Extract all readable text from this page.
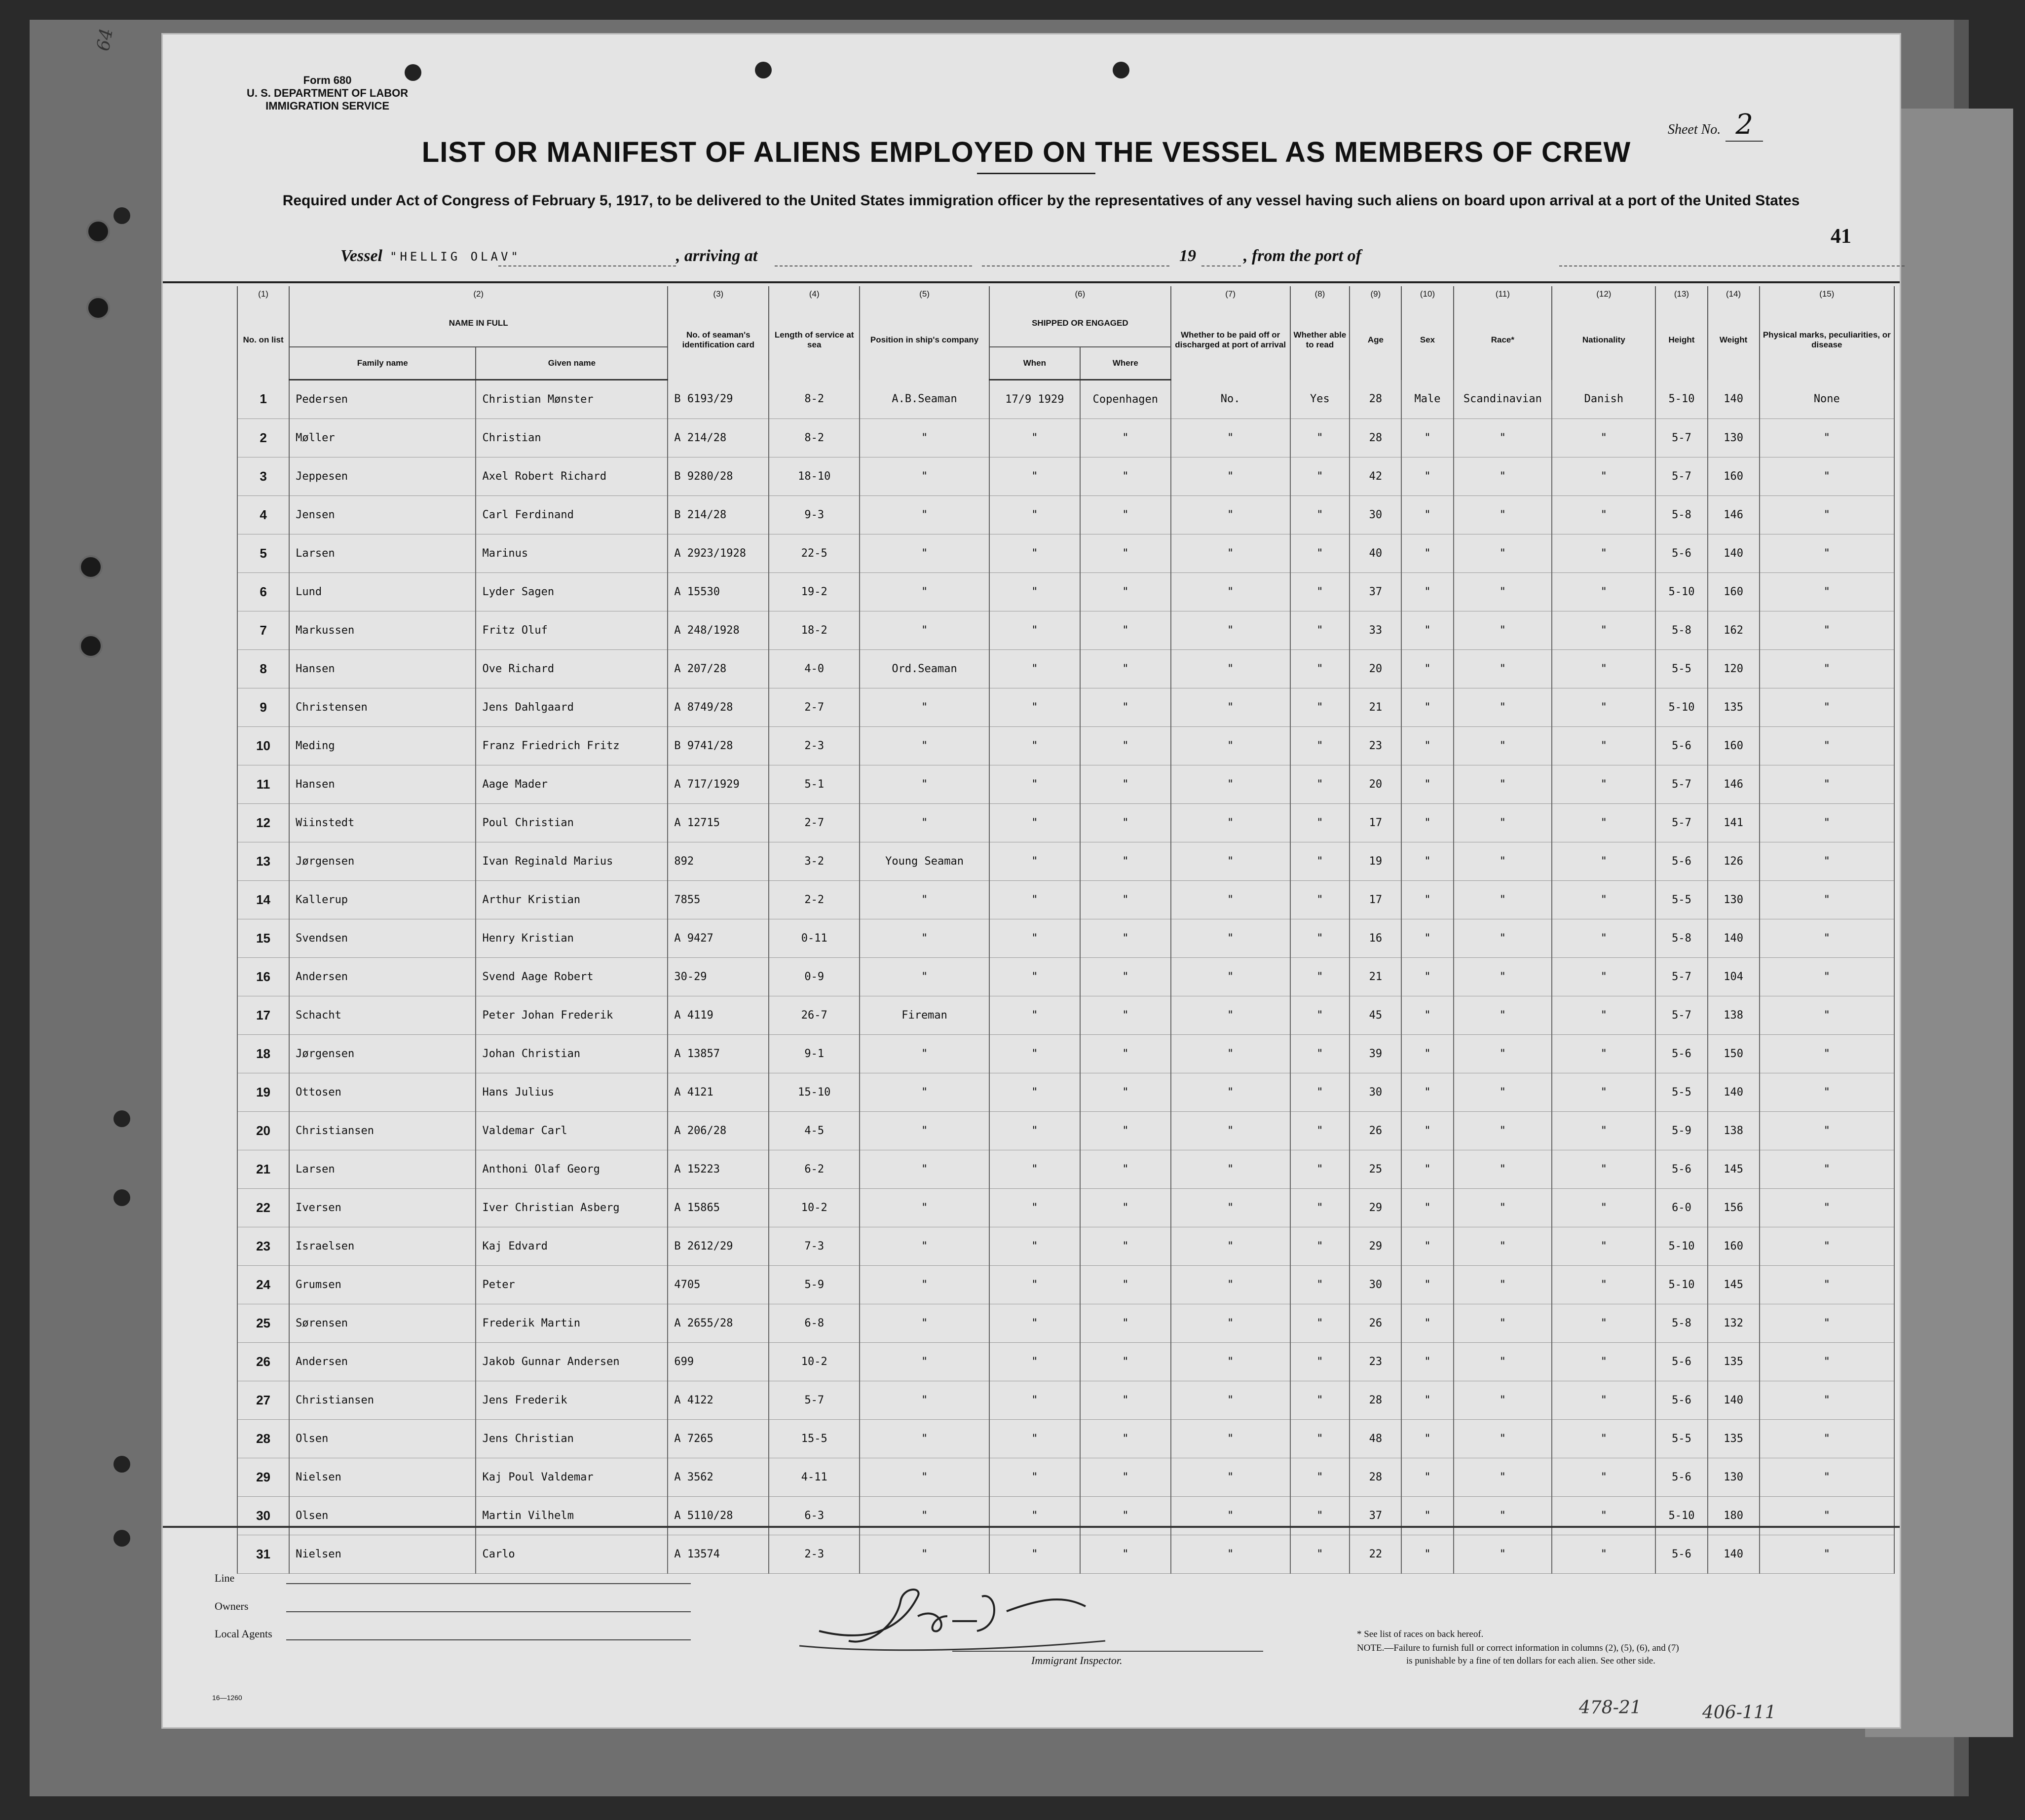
64
Form 680
U. S. DEPARTMENT OF LABOR
IMMIGRATION SERVICE
Sheet No. 2
LIST OR MANIFEST OF ALIENS EMPLOYED ON THE VESSEL AS MEMBERS OF CREW
Required under Act of Congress of February 5, 1917, to be delivered to the United States immigration officer by the representatives of any vessel having such aliens on board upon arrival at a port of the United States
41
Vessel "HELLIG OLAV"	, arriving at	19	, from the port of
(1)	(2)		(3)	(4)	(5)	(6)		(7)	(8)	(9)	(10)	(11)	(12)	(13)	(14)	(15)
No. on list	NAME IN FULL		No. of seaman's identification card	Length of service at sea	Position in ship's company	SHIPPED OR ENGAGED		Whether to be paid off or discharged at port of arrival	Whether able to read	Age	Sex	Race*	Nationality	Height	Weight	Physical marks, peculiarities, or disease
	Family name	Given name				When	Where									
1	Pedersen	Christian Mønster	B 6193/29	8-2	A.B.Seaman	17/9 1929	Copenhagen	No.	Yes	28	Male	Scandinavian	Danish	5-10	140	None
2	Møller	Christian	A 214/28	8-2	"	"	"	"	"	28	"	"	"	5-7	130	"
3	Jeppesen	Axel Robert Richard	B 9280/28	18-10	"	"	"	"	"	42	"	"	"	5-7	160	"
4	Jensen	Carl Ferdinand	B 214/28	9-3	"	"	"	"	"	30	"	"	"	5-8	146	"
5	Larsen	Marinus	A 2923/1928	22-5	"	"	"	"	"	40	"	"	"	5-6	140	"
6	Lund	Lyder Sagen	A 15530	19-2	"	"	"	"	"	37	"	"	"	5-10	160	"
7	Markussen	Fritz Oluf	A 248/1928	18-2	"	"	"	"	"	33	"	"	"	5-8	162	"
8	Hansen	Ove Richard	A 207/28	4-0	Ord.Seaman	"	"	"	"	20	"	"	"	5-5	120	"
9	Christensen	Jens Dahlgaard	A 8749/28	2-7	"	"	"	"	"	21	"	"	"	5-10	135	"
10	Meding	Franz Friedrich Fritz	B 9741/28	2-3	"	"	"	"	"	23	"	"	"	5-6	160	"
11	Hansen	Aage Mader	A 717/1929	5-1	"	"	"	"	"	20	"	"	"	5-7	146	"
12	Wiinstedt	Poul Christian	A 12715	2-7	"	"	"	"	"	17	"	"	"	5-7	141	"
13	Jørgensen	Ivan Reginald Marius	892	3-2	Young Seaman	"	"	"	"	19	"	"	"	5-6	126	"
14	Kallerup	Arthur Kristian	7855	2-2	"	"	"	"	"	17	"	"	"	5-5	130	"
15	Svendsen	Henry Kristian	A 9427	0-11	"	"	"	"	"	16	"	"	"	5-8	140	"
16	Andersen	Svend Aage Robert	30-29	0-9	"	"	"	"	"	21	"	"	"	5-7	104	"
17	Schacht	Peter Johan Frederik	A 4119	26-7	Fireman	"	"	"	"	45	"	"	"	5-7	138	"
18	Jørgensen	Johan Christian	A 13857	9-1	"	"	"	"	"	39	"	"	"	5-6	150	"
19	Ottosen	Hans Julius	A 4121	15-10	"	"	"	"	"	30	"	"	"	5-5	140	"
20	Christiansen	Valdemar Carl	A 206/28	4-5	"	"	"	"	"	26	"	"	"	5-9	138	"
21	Larsen	Anthoni Olaf Georg	A 15223	6-2	"	"	"	"	"	25	"	"	"	5-6	145	"
22	Iversen	Iver Christian Asberg	A 15865	10-2	"	"	"	"	"	29	"	"	"	6-0	156	"
23	Israelsen	Kaj Edvard	B 2612/29	7-3	"	"	"	"	"	29	"	"	"	5-10	160	"
24	Grumsen	Peter	4705	5-9	"	"	"	"	"	30	"	"	"	5-10	145	"
25	Sørensen	Frederik Martin	A 2655/28	6-8	"	"	"	"	"	26	"	"	"	5-8	132	"
26	Andersen	Jakob Gunnar Andersen	699	10-2	"	"	"	"	"	23	"	"	"	5-6	135	"
27	Christiansen	Jens Frederik	A 4122	5-7	"	"	"	"	"	28	"	"	"	5-6	140	"
28	Olsen	Jens Christian	A 7265	15-5	"	"	"	"	"	48	"	"	"	5-5	135	"
29	Nielsen	Kaj Poul Valdemar	A 3562	4-11	"	"	"	"	"	28	"	"	"	5-6	130	"
30	Olsen	Martin Vilhelm	A 5110/28	6-3	"	"	"	"	"	37	"	"	"	5-10	180	"
31	Nielsen	Carlo	A 13574	2-3	"	"	"	"	"	22	"	"	"	5-6	140	"
Line
Owners
Local Agents
16—1260
John Cross
Immigrant Inspector.
* See list of races on back hereof.
NOTE.—Failure to furnish full or correct information in columns (2), (5), (6), and (7)
is punishable by a fine of ten dollars for each alien. See other side.
478-21	406-111
